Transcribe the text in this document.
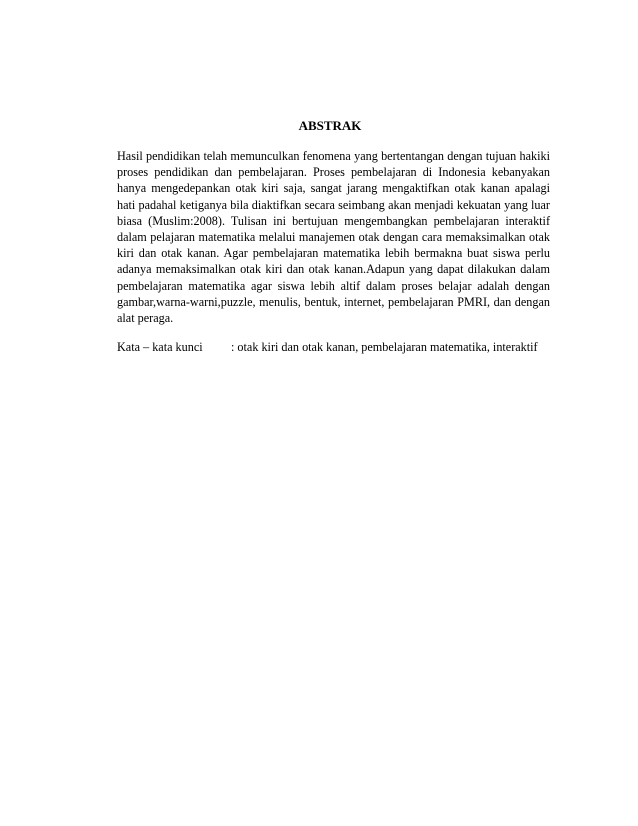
ABSTRAK

Hasil pendidikan telah memunculkan fenomena yang bertentangan dengan tujuan hakiki proses pendidikan dan pembelajaran. Proses pembelajaran di Indonesia kebanyakan hanya mengedepankan otak kiri saja, sangat jarang mengaktifkan otak kanan apalagi hati padahal ketiganya bila diaktifkan secara seimbang akan menjadi kekuatan yang luar biasa (Muslim:2008). Tulisan ini bertujuan mengembangkan pembelajaran interaktif dalam pelajaran matematika melalui manajemen otak dengan cara memaksimalkan otak kiri dan otak kanan. Agar pembelajaran matematika lebih bermakna buat siswa perlu adanya memaksimalkan otak kiri dan otak kanan.Adapun yang dapat dilakukan dalam pembelajaran matematika agar siswa lebih altif dalam proses belajar adalah dengan gambar,warna-warni,puzzle, menulis, bentuk, internet, pembelajaran PMRI, dan dengan alat peraga.

Kata – kata kunci : otak kiri dan otak kanan, pembelajaran matematika, interaktif
